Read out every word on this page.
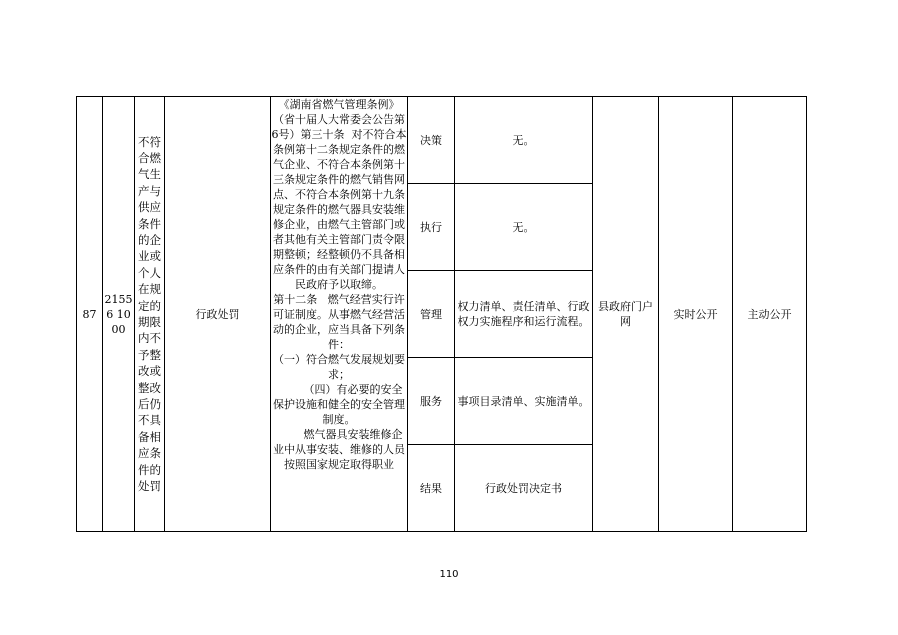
87	21556 1000	不符合燃气生产与供应条件的企业或个人在规定的期限内不予整改或整改后仍不具备相应条件的处罚	行政处罚	《湖南省燃气管理条例》（省十届人大常委会公告第6号）第三十条  对不符合本条例第十二条规定条件的燃气企业、不符合本条例第十三条规定条件的燃气销售网点、不符合本条例第十九条规定条件的燃气器具安装维修企业，由燃气主管部门或者其他有关主管部门责令限期整顿；经整顿仍不具备相应条件的由有关部门提请人民政府予以取缔。

第十二条   燃气经营实行许可证制度。从事燃气经营活动的企业，应当具备下列条件：

（一）符合燃气发展规划要求；

（四）有必要的安全保护设施和健全的安全管理制度。

燃气器具安装维修企业中从事安装、维修的人员按照国家规定取得职业	决策	无。	县政府门户网	实时公开	主动公开
					执行	无。			
					管理	权力清单、责任清单、行政权力实施程序和运行流程。			
					服务	事项目录清单、实施清单。			
					结果	行政处罚决定书			
110
